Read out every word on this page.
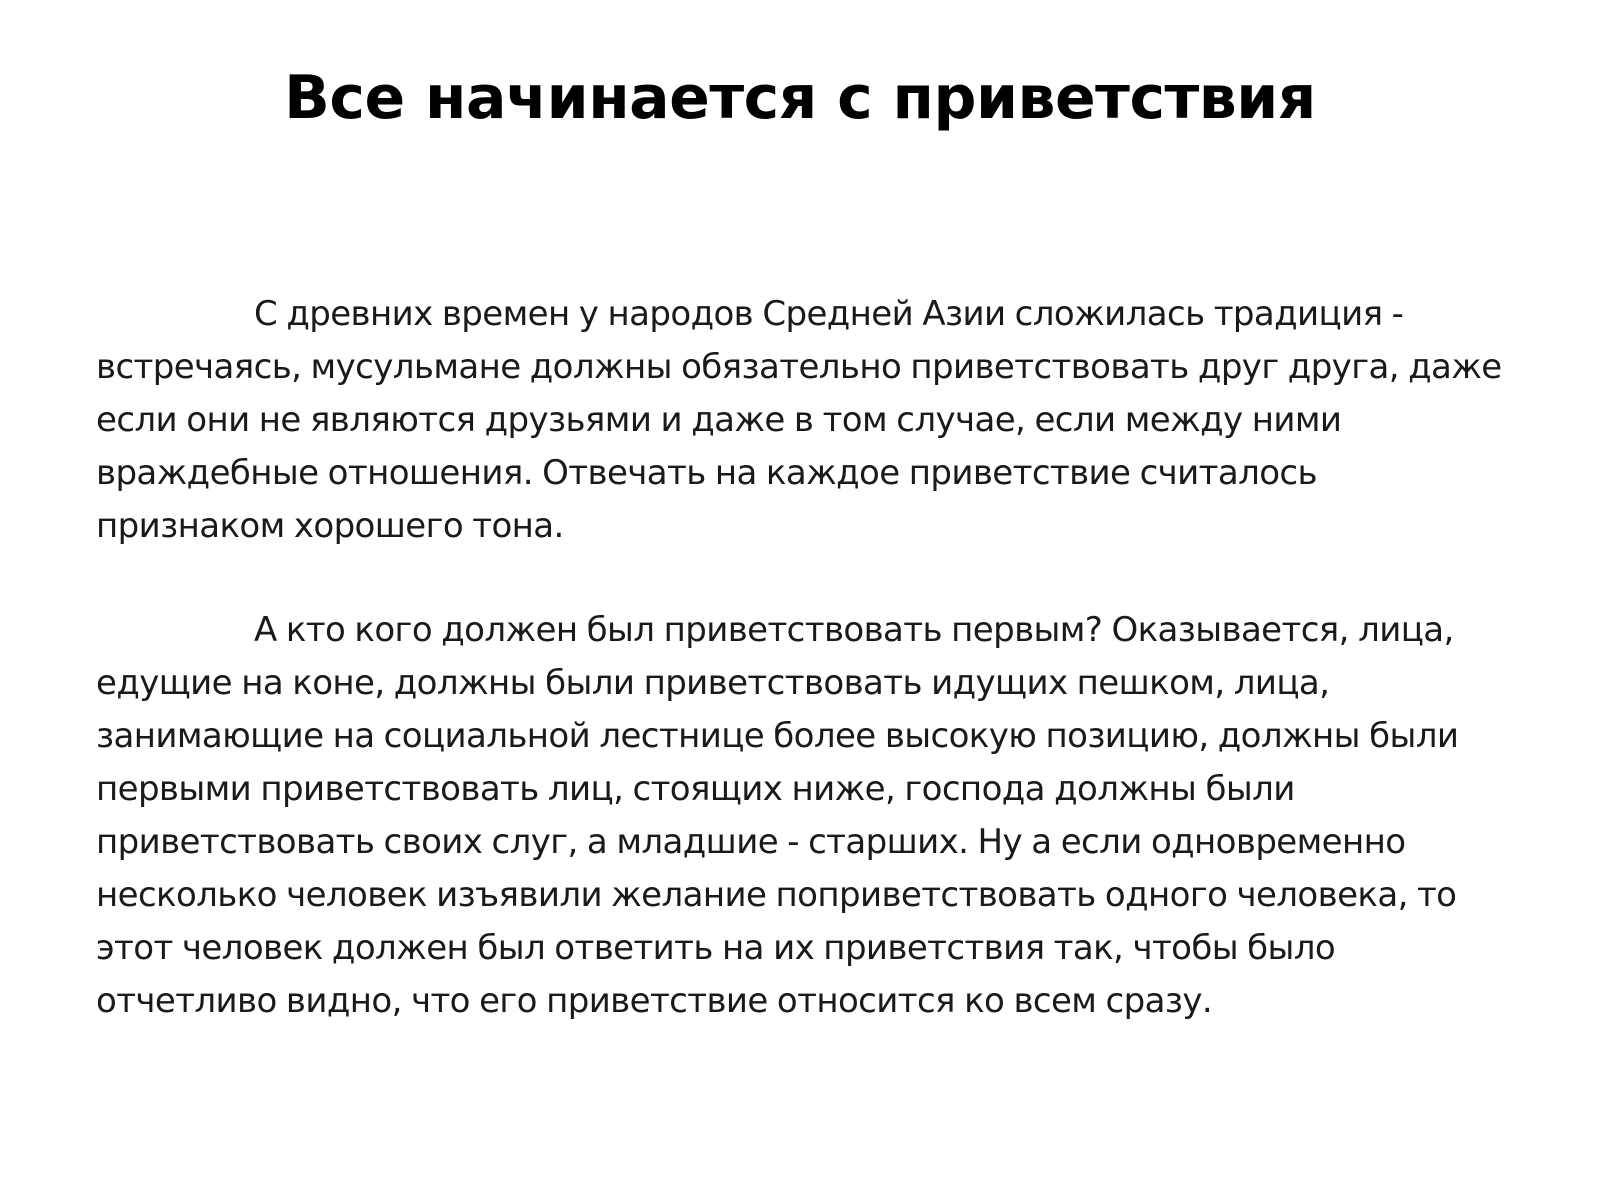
Все начинается с приветствия

С древних времен у народов Средней Азии сложилась традиция - встречаясь, мусульмане должны обязательно приветствовать друг друга, даже если они не являются друзьями и даже в том случае, если между ними враждебные отношения. Отвечать на каждое приветствие считалось признаком хорошего тона.

А кто кого должен был приветствовать первым? Оказывается, лица, едущие на коне, должны были приветствовать идущих пешком, лица, занимающие на социальной лестнице более высокую позицию, должны были первыми приветствовать лиц, стоящих ниже, господа должны были приветствовать своих слуг, а младшие - старших. Ну а если одновременно несколько человек изъявили желание поприветствовать одного человека, то этот человек должен был ответить на их приветствия так, чтобы было отчетливо видно, что его приветствие относится ко всем сразу.
